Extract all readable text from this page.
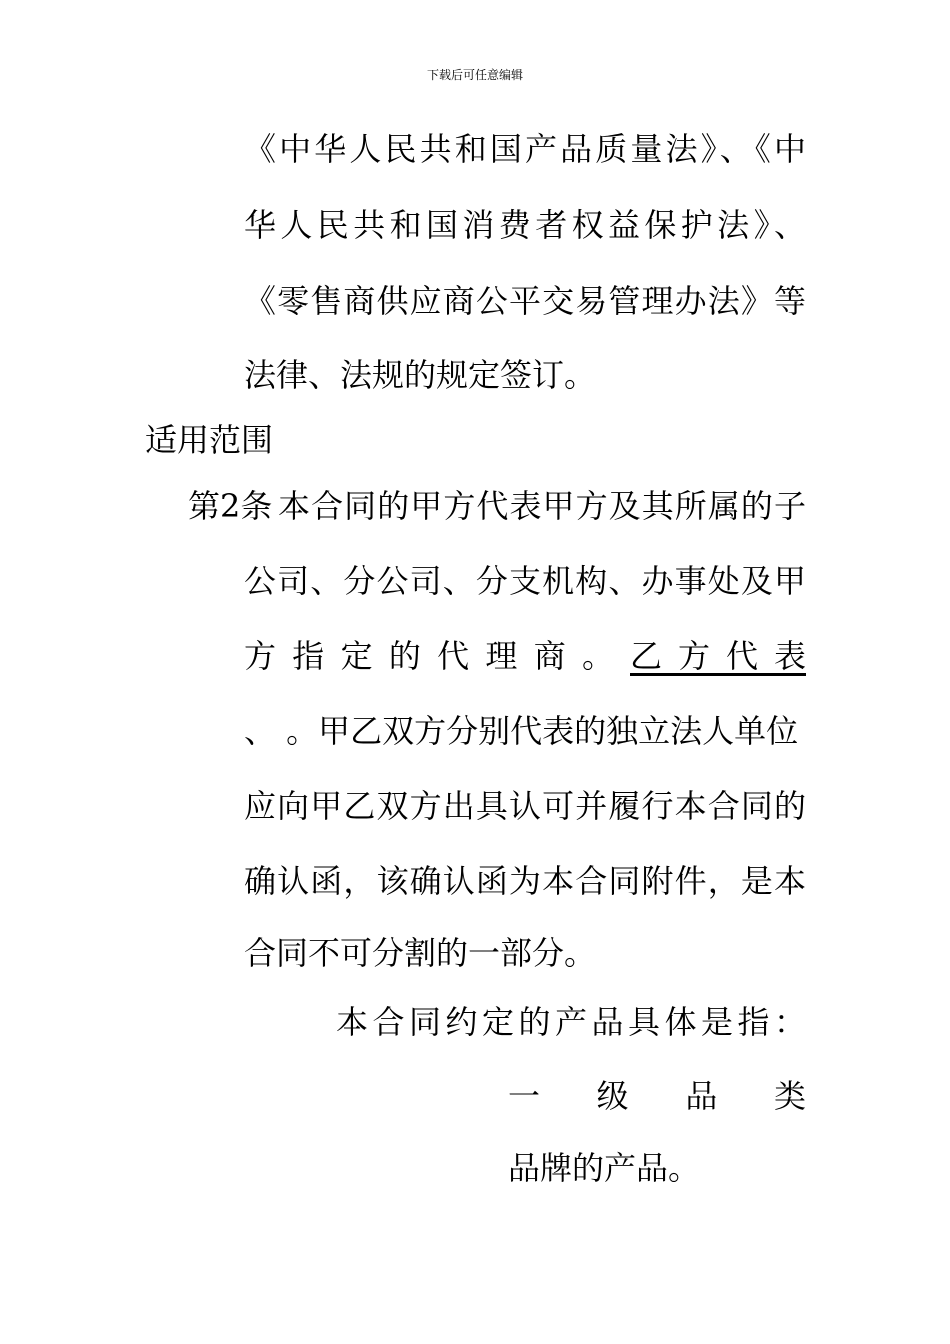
下载后可任意编辑
《中华人民共和国产品质量法》、《中
华人民共和国消费者权益保护法》、
《零售商供应商公平交易管理办法》等
法律、法规的规定签订。
适用范围
第2条 本合同的甲方代表甲方及其所属的子
公司、分公司、分支机构、办事处及甲
方指定的代理商。 乙方代表
、 。甲乙双方分别代表的独立法人单位
应向甲乙双方出具认可并履行本合同的
确认函，该确认函为本合同附件，是本
合同不可分割的一部分。
本合同约定的产品具体是指：
一 级 品 类
品牌的产品。
